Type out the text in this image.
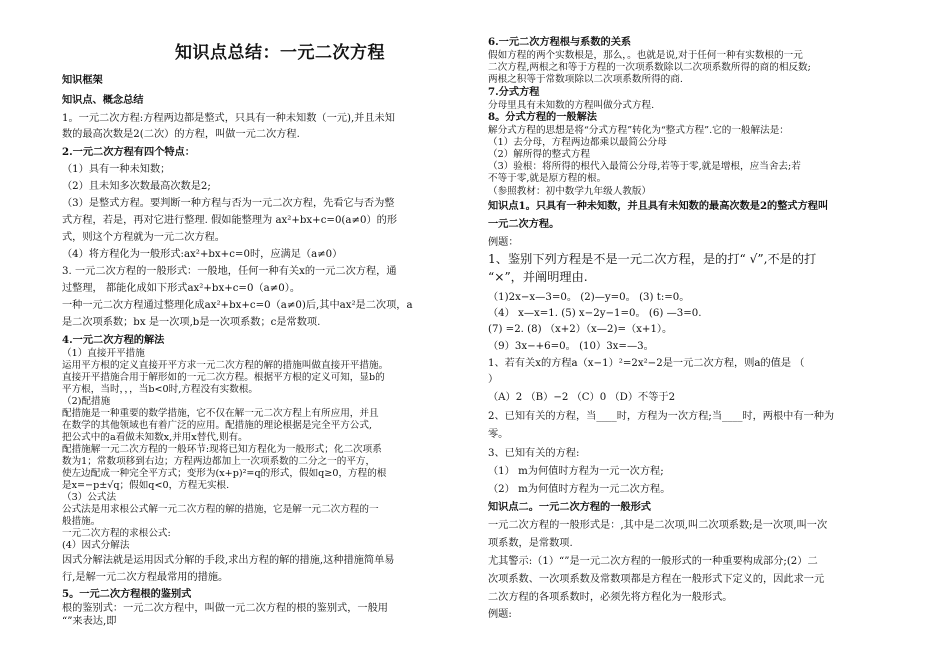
知识点总结：一元二次方程
知识框架
知识点、概念总结
1。一元二次方程:方程两边都是整式，只具有一种未知数（一元),并且未知
数的最高次数是2(二次）的方程，叫做一元二次方程.
2.一元二次方程有四个特点：
（1）具有一种未知数；
（2）且未知多次数最高次数是2;
（3）是整式方程。要判断一种方程与否为一元二次方程，先看它与否为整
式方程，若是，再对它进行整理. 假如能整理为 ax²+bx+c=0(a≠0）的形
式，则这个方程就为一元二次方程。
（4）将方程化为一般形式:ax²+bx+c=0时，应满足（a≠0）
3. 一元二次方程的一般形式：一般地，任何一种有关x的一元二次方程，通
过整理， 都能化成如下形式ax²+bx+c=0（a≠0）。
一种一元二次方程通过整理化成ax²+bx+c=0（a≠0)后,其中ax²是二次项，a
是二次项系数；bx 是一次项,b是一次项系数；c是常数项.
4.一元二次方程的解法
（1）直接开平措施
运用平方根的定义直接开平方求一元二次方程的解的措施叫做直接开平措施。
直接开平措施合用于解形如的一元二次方程。根据平方根的定义可知，显b的
平方根，当时，，，当b<0时,方程没有实数根。
（2)配措施
配措施是一种重要的数学措施，它不仅在解一元二次方程上有所应用，并且
在数学的其他领域也有着广泛的应用。配措施的理论根据是完全平方公式,
把公式中的a看做未知数x,并用x替代,则有。
配措施解一元二次方程的一般环节:现将已知方程化为一般形式；化二次项系
数为1；常数项移到右边；方程两边都加上一次项系数的二分之一的平方，
使左边配成一种完全平方式；变形为(x+p)²=q的形式，假如q≥0，方程的根
是x=−p±√q；假如q<0，方程无实根.
（3）公式法
公式法是用求根公式解一元二次方程的解的措施，它是解一元二次方程的一
般措施。
一元二次方程的求根公式:
(4）因式分解法
因式分解法就是运用因式分解的手段,求出方程的解的措施,这种措施简单易
行,是解一元二次方程最常用的措施。
5。一元二次方程根的鉴别式
根的鉴别式：一元二次方程中，叫做一元二次方程的根的鉴别式，一般用
“”来表达,即
6.一元二次方程根与系数的关系
假如方程的两个实数根是，那么，。也就是说,对于任何一种有实数根的一元
二次方程,两根之和等于方程的一次项系数除以二次项系数所得的商的相反数;
两根之积等于常数项除以二次项系数所得的商.
7.分式方程
分母里具有未知数的方程叫做分式方程.
8。分式方程的一般解法
解分式方程的思想是将“分式方程”转化为“整式方程”.它的一般解法是：
（1）去分母，方程两边都乘以最简公分母
（2）解所得的整式方程
（3）验根：将所得的根代入最简公分母,若等于零,就是增根，应当舍去;若
不等于零,就是原方程的根。
（参照教材：初中数学九年级人教版）
知识点1。只具有一种未知数，并且具有未知数的最高次数是2的整式方程叫
一元二次方程。
例题：
1、鉴别下列方程是不是一元二次方程，是的打“ √”,不是的打
“×”，并阐明理由.
（1)2x−x—3=0。 (2)—y=0。 (3) t:=0。
（4） x—x=1. (5) x−2y−1=0。 (6) —3=0.
(7) =2. (8) （x+2）（x—2)=（x+1）。
（9）3x−+6=0。 (10）3x=—3。
1、若有关x的方程a（x−1）²=2x²−2是一元二次方程，则a的值是 （
）
（A）2 （B）−2 （C）0 （D）不等于2
2、已知有关的方程，当____时，方程为一次方程;当____时，两根中有一种为
零。
3、已知有关的方程:
（1） m为何值时方程为一元一次方程;
（2） m为何值时方程为一元二次方程。
知识点二。一元二次方程的一般形式
一元二次方程的一般形式是：,其中是二次项,叫二次项系数;是一次项,叫一次
项系数，是常数项.
尤其警示:（1）“”是一元二次方程的一般形式的一种重要构成部分;(2）二
次项系数、一次项系数及常数项都是方程在一般形式下定义的，因此求一元
二次方程的各项系数时，必须先将方程化为一般形式。
例题:
